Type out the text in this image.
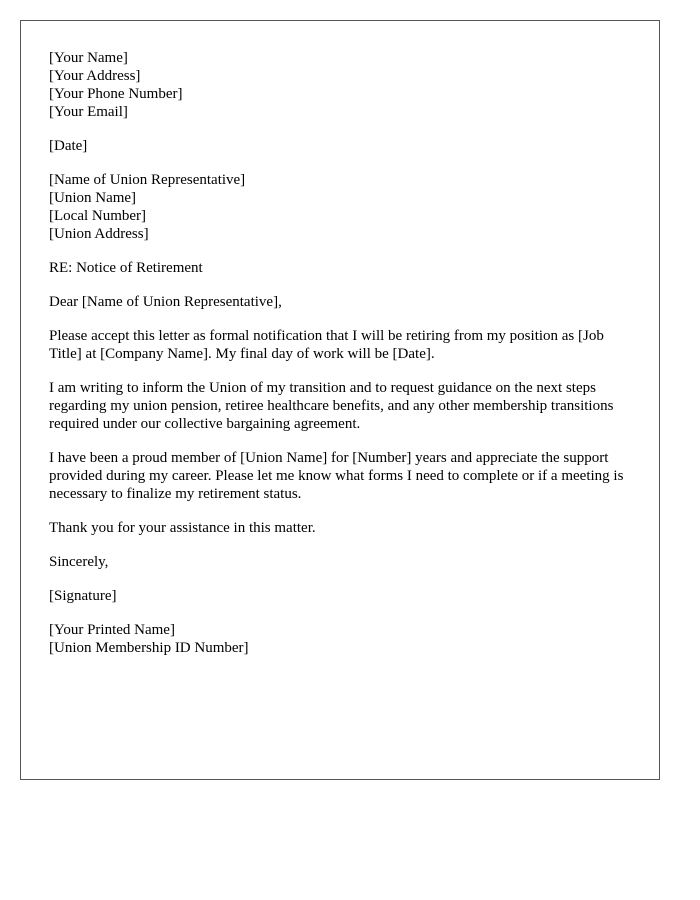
[Your Name]
[Your Address]
[Your Phone Number]
[Your Email]
[Date]
[Name of Union Representative]
[Union Name]
[Local Number]
[Union Address]
RE: Notice of Retirement
Dear [Name of Union Representative],

Please accept this letter as formal notification that I will be retiring from my position as [Job Title] at [Company Name]. My final day of work will be [Date].

I am writing to inform the Union of my transition and to request guidance on the next steps regarding my union pension, retiree healthcare benefits, and any other membership transitions required under our collective bargaining agreement.

I have been a proud member of [Union Name] for [Number] years and appreciate the support provided during my career. Please let me know what forms I need to complete or if a meeting is necessary to finalize my retirement status.

Thank you for your assistance in this matter.

Sincerely,
[Signature]
[Your Printed Name]
[Union Membership ID Number]
